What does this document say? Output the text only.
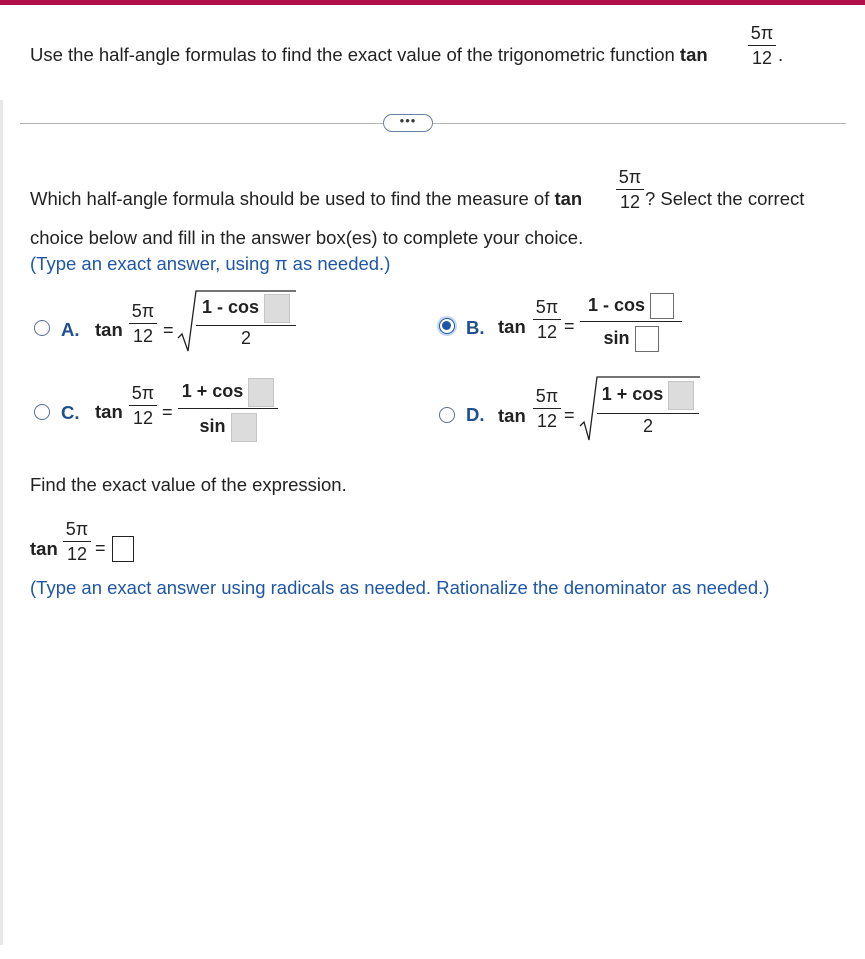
Use the half-angle formulas to find the exact value of the trigonometric function tan
5π
12 .
•••
Which half-angle formula should be used to find the measure of tan
5π
12 ? Select the correct
choice below and fill in the answer box(es) to complete your choice.
(Type an exact answer, using π as needed.)
A. tan
5π
12 =
1 - cos
2	B. tan
5π
12 =
1 - cos
sin
C. tan
5π
12 =
1 + cos
sin
D. tan
5π
12 =
1 + cos
2
Find the exact value of the expression.
tan
5π
12 =
(Type an exact answer using radicals as needed. Rationalize the denominator as needed.)
